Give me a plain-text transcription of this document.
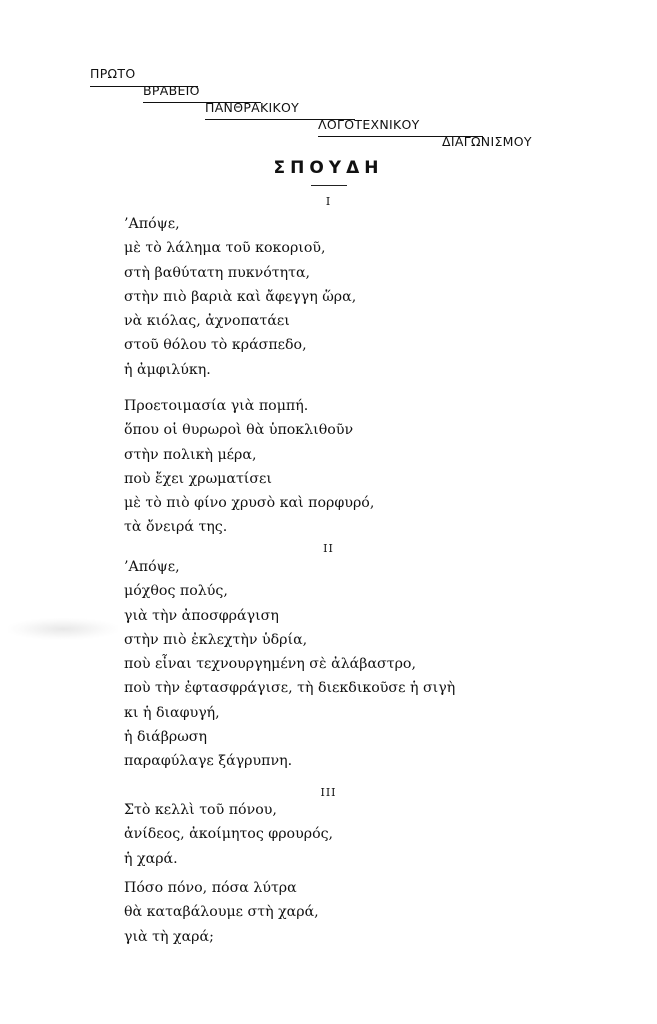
ΠΡΩΤΟ
ΒΡΑΒΕΙΟ
ΠΑΝΘΡΑΚΙΚΟΥ
ΛΟΓΟΤΕΧΝΙΚΟΥ
ΔΙΑΓΩΝΙΣΜΟΥ
ΣΠΟΥΔΗ
I
’Απόψε,
μὲ τὸ λάλημα τοῦ κοκοριοῦ,
στὴ βαθύτατη πυκνότητα,
στὴν πιὸ βαριὰ καὶ ἄφεγγη ὥρα,
νὰ κιόλας, ἀχνοπατάει
στοῦ θόλου τὸ κράσπεδο,
ἡ ἀμφιλύκη.
Προετοιμασία γιὰ πομπή.
ὅπου οἱ θυρωροὶ θὰ ὑποκλιθοῦν
στὴν πολικὴ μέρα,
ποὺ ἔχει χρωματίσει
μὲ τὸ πιὸ φίνο χρυσὸ καὶ πορφυρό,
τὰ ὄνειρά της.
II
’Απόψε,
μόχθος πολύς,
γιὰ τὴν ἀποσφράγιση
στὴν πιὸ ἐκλεχτὴν ὑδρία,
ποὺ εἶναι τεχνουργημένη σὲ ἀλάβαστρο,
ποὺ τὴν ἐφτασφράγισε, τὴ διεκδικοῦσε ἡ σιγὴ
κι ἡ διαφυγή,
ἡ διάβρωση
παραφύλαγε ξάγρυπνη.
III
Στὸ κελλὶ τοῦ πόνου,
ἀνίδεος, ἀκοίμητος φρουρός,
ἡ χαρά.
Πόσο πόνο, πόσα λύτρα
θὰ καταβάλουμε στὴ χαρά,
γιὰ τὴ χαρά;
